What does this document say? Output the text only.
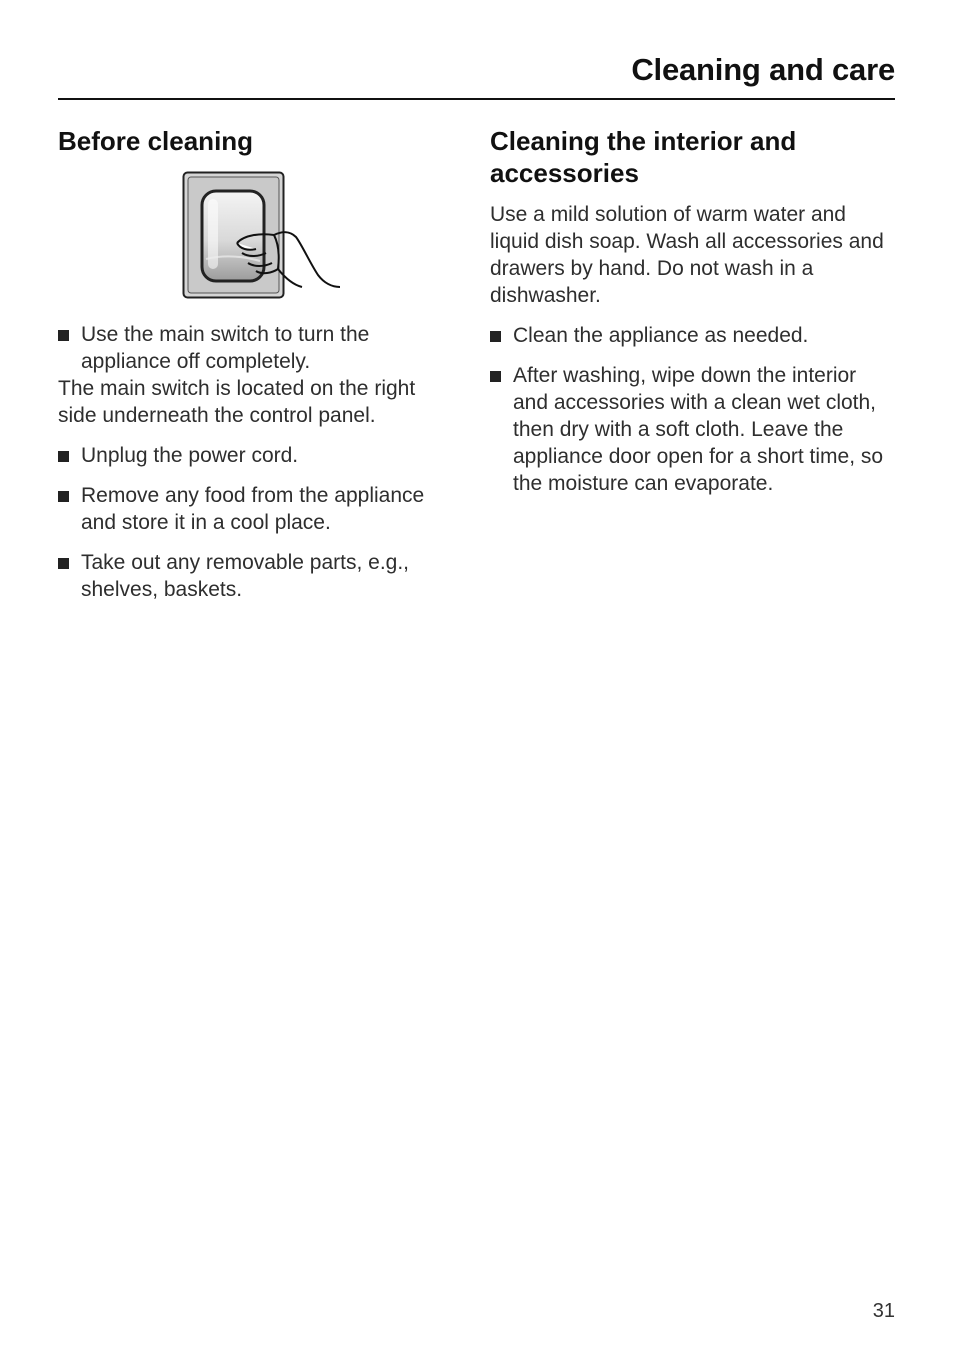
Cleaning and care
Before cleaning
Use the main switch to turn the appliance off completely.

The main switch is located on the right side underneath the control panel.

Unplug the power cord.
Remove any food from the appliance and store it in a cool place.
Take out any removable parts, e.g., shelves, baskets.
Cleaning the interior and accessories

Use a mild solution of warm water and liquid dish soap. Wash all accessories and drawers by hand. Do not wash in a dishwasher.

Clean the appliance as needed.
After washing, wipe down the interior and accessories with a clean wet cloth, then dry with a soft cloth. Leave the appliance door open for a short time, so the moisture can evaporate.
31
